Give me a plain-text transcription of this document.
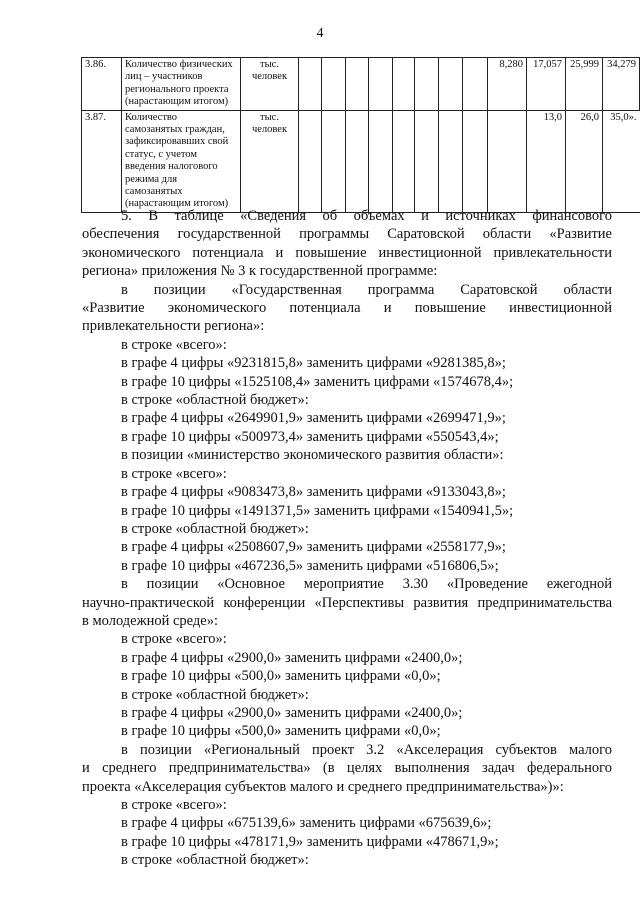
4
3.86.	Количество физических лиц – участников регионального проекта (нарастающим итогом)	тыс. человек									8,280	17,057	25,999	34,279
3.87.	Количество самозанятых граждан, зафиксировавших свой статус, с учетом введения налогового режима для самозанятых (нарастающим итогом)	тыс. человек										13,0	26,0	35,0».

5. В таблице «Сведения об объемах и источниках финансового

обеспечения государственной программы Саратовской области «Развитие

экономического потенциала и повышение инвестиционной привлекательности

региона» приложения № 3 к государственной программе:

в позиции «Государственная программа Саратовской области

«Развитие экономического потенциала и повышение инвестиционной

привлекательности региона»:

в строке «всего»:

в графе 4 цифры «9231815,8» заменить цифрами «9281385,8»;

в графе 10 цифры «1525108,4» заменить цифрами «1574678,4»;

в строке «областной бюджет»:

в графе 4 цифры «2649901,9» заменить цифрами «2699471,9»;

в графе 10 цифры «500973,4» заменить цифрами «550543,4»;

в позиции «министерство экономического развития области»:

в строке «всего»:

в графе 4 цифры «9083473,8» заменить цифрами «9133043,8»;

в графе 10 цифры «1491371,5» заменить цифрами «1540941,5»;

в строке «областной бюджет»:

в графе 4 цифры «2508607,9» заменить цифрами «2558177,9»;

в графе 10 цифры «467236,5» заменить цифрами «516806,5»;

в позиции «Основное мероприятие 3.30 «Проведение ежегодной

научно-практической конференции «Перспективы развития предпринимательства

в молодежной среде»:

в строке «всего»:

в графе 4 цифры «2900,0» заменить цифрами «2400,0»;

в графе 10 цифры «500,0» заменить цифрами «0,0»;

в строке «областной бюджет»:

в графе 4 цифры «2900,0» заменить цифрами «2400,0»;

в графе 10 цифры «500,0» заменить цифрами «0,0»;

в позиции «Региональный проект 3.2 «Акселерация субъектов малого

и среднего предпринимательства» (в целях выполнения задач федерального

проекта «Акселерация субъектов малого и среднего предпринимательства»)»:

в строке «всего»:

в графе 4 цифры «675139,6» заменить цифрами «675639,6»;

в графе 10 цифры «478171,9» заменить цифрами «478671,9»;

в строке «областной бюджет»:
